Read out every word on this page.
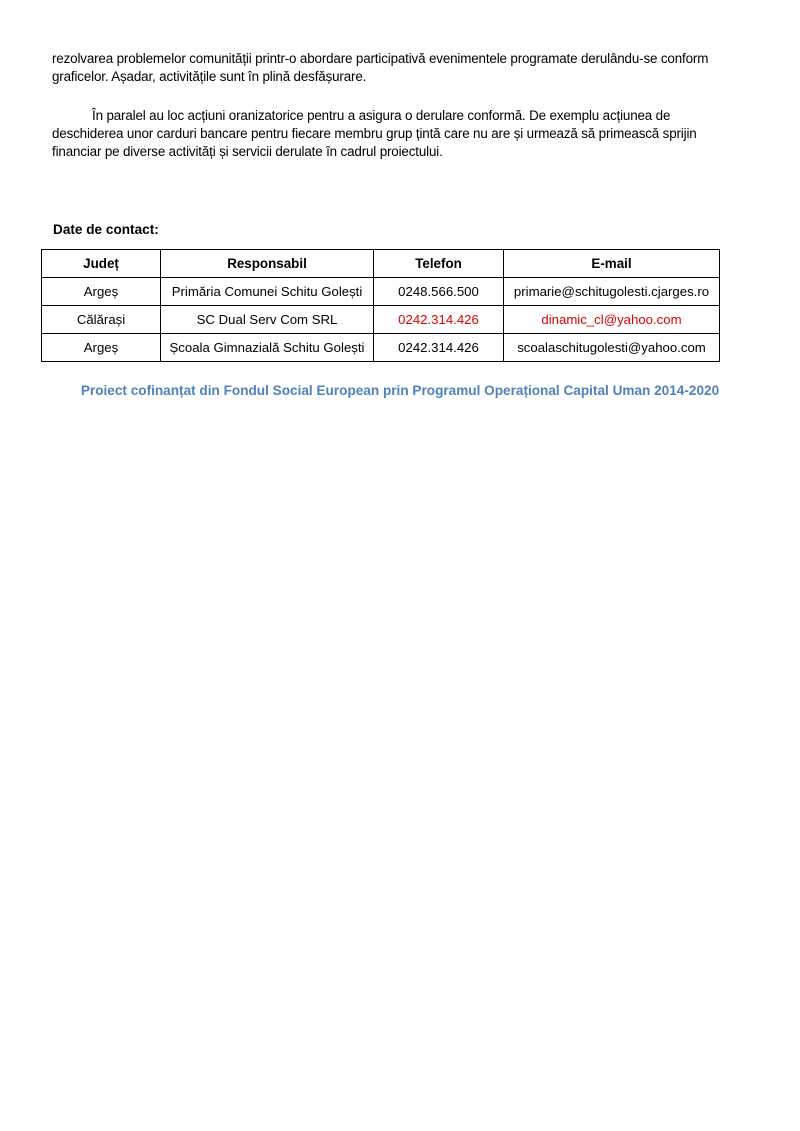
rezolvarea problemelor comunității printr-o abordare participativă evenimentele programate derulându-se conform graficelor. Așadar, activitățile sunt în plină desfășurare.

În paralel au loc acțiuni oranizatorice pentru a asigura o derulare conformă. De exemplu acțiunea de deschiderea unor carduri bancare pentru fiecare membru grup țintă care nu are și urmează să primească sprijin financiar pe diverse activități și servicii derulate în cadrul proiectului.

Date de contact:

Județ	Responsabil	Telefon	E-mail
Argeș	Primăria Comunei Schitu Golești	0248.566.500	primarie@schitugolesti.cjarges.ro
Călărași	SC Dual Serv Com SRL	0242.314.426	dinamic_cl@yahoo.com
Argeș	Școala Gimnazială Schitu Golești	0242.314.426	scoalaschitugolesti@yahoo.com

Proiect cofinanțat din Fondul Social European prin Programul Operațional Capital Uman 2014-2020
